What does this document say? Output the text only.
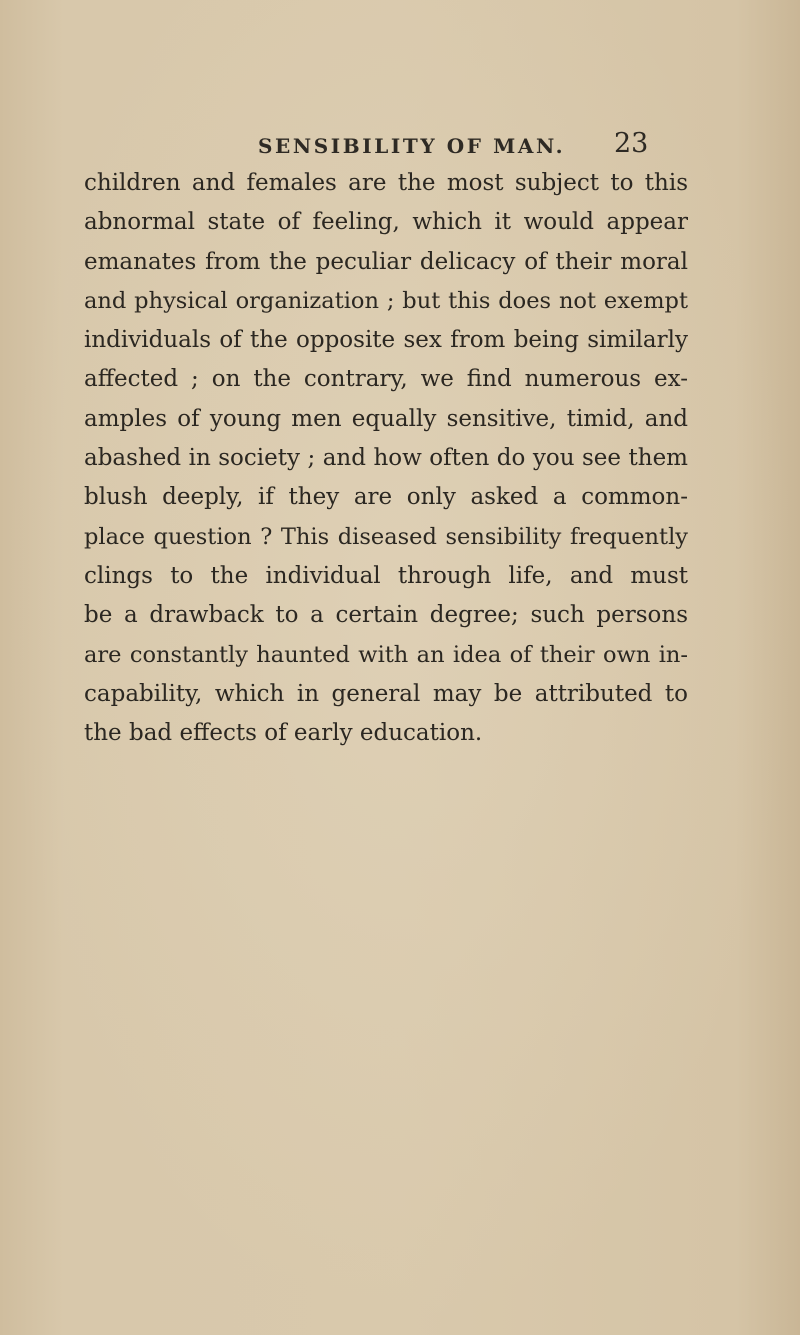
SENSIBILITY OF MAN. 23
children and females are the most subject to this
abnormal state of feeling, which it would appear
emanates from the peculiar delicacy of their moral
and physical organization ; but this does not exempt
individuals of the opposite sex from being similarly
affected ; on the contrary, we find numerous ex-
amples of young men equally sensitive, timid, and
abashed in society ; and how often do you see them
blush deeply, if they are only asked a common-
place question ? This diseased sensibility frequently
clings to the individual through life, and must
be a drawback to a certain degree; such persons
are constantly haunted with an idea of their own in-
capability, which in general may be attributed to
the bad effects of early education.
